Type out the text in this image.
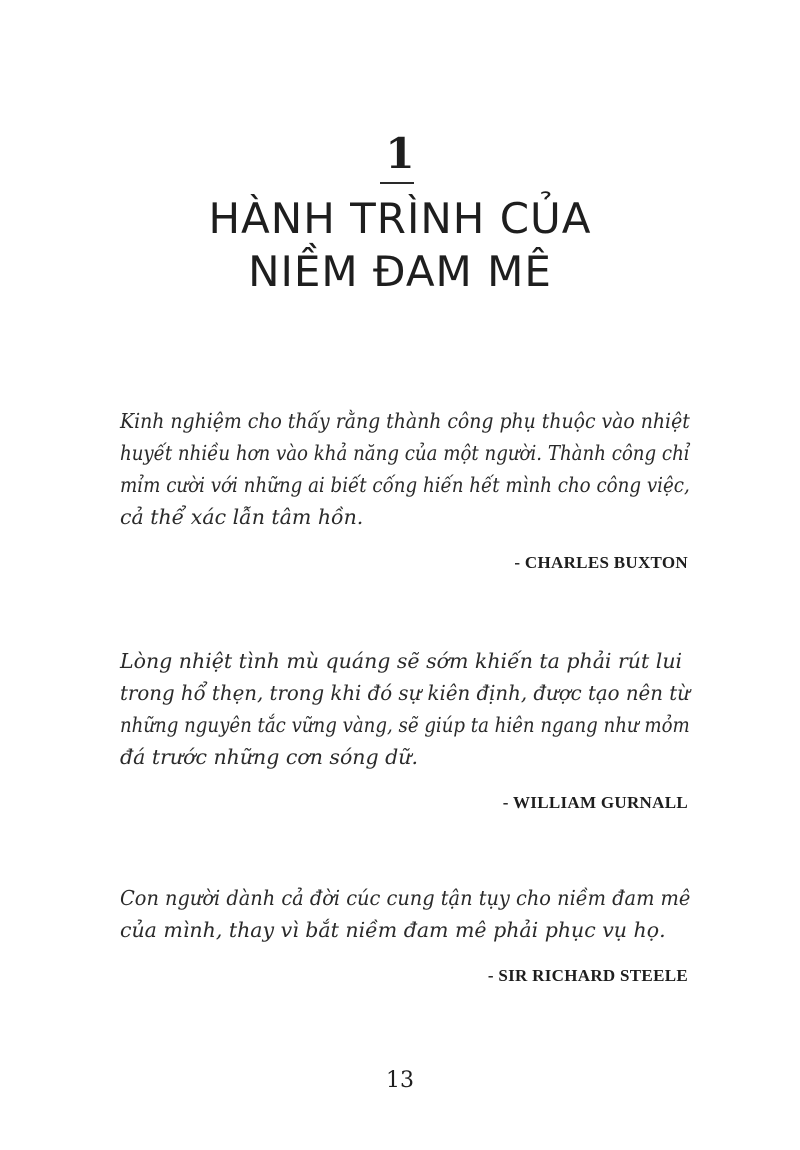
1
HÀNH TRÌNH CỦA
NIỀM ĐAM MÊ
Kinh nghiệm cho thấy rằng thành công phụ thuộc vào nhiệt
huyết nhiều hơn vào khả năng của một người. Thành công chỉ
mỉm cười với những ai biết cống hiến hết mình cho công việc,
cả thể xác lẫn tâm hồn.
- CHARLES BUXTON
Lòng nhiệt tình mù quáng sẽ sớm khiến ta phải rút lui
trong hổ thẹn, trong khi đó sự kiên định, được tạo nên từ
những nguyên tắc vững vàng, sẽ giúp ta hiên ngang như mỏm
đá trước những cơn sóng dữ.
- WILLIAM GURNALL
Con người dành cả đời cúc cung tận tụy cho niềm đam mê
của mình, thay vì bắt niềm đam mê phải phục vụ họ.
- SIR RICHARD STEELE
13
